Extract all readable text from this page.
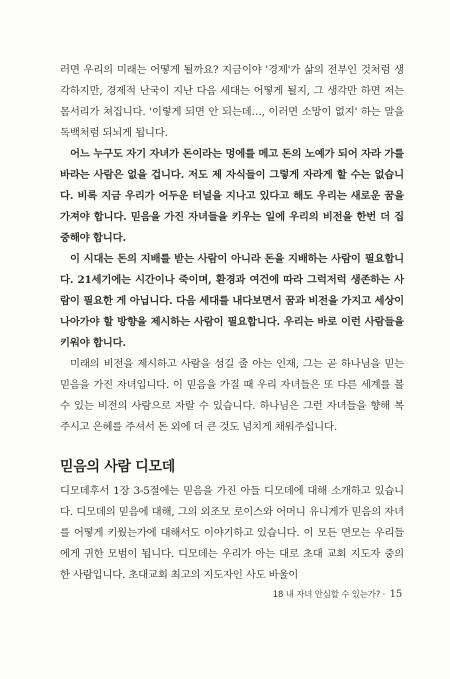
러면 우리의 미래는 어떻게 될까요? 지금이야 '경제'가 삶의 전부인 것처럼 생각하지만, 경제적 난국이 지난 다음 세대는 어떻게 될지, 그 생각만 하면 저는 몸서리가 쳐집니다. '이렇게 되면 안 되는데…, 이러면 소망이 없지' 하는 말을 독백처럼 되뇌게 됩니다.

어느 누구도 자기 자녀가 돈이라는 멍에를 메고 돈의 노예가 되어 자라 가를 바라는 사람은 없을 겁니다. 저도 제 자식들이 그렇게 자라게 할 수는 없습니다. 비록 지금 우리가 어두운 터널을 지나고 있다고 해도 우리는 새로운 꿈을 가져야 합니다. 믿음을 가진 자녀들을 키우는 일에 우리의 비전을 한번 더 집중해야 합니다.

이 시대는 돈의 지배를 받는 사람이 아니라 돈을 지배하는 사람이 필요합니다. 21세기에는 시간이나 죽이며, 환경과 여건에 따라 그럭저럭 생존하는 사람이 필요한 게 아닙니다. 다음 세대를 내다보면서 꿈과 비전을 가지고 세상이 나아가야 할 방향을 제시하는 사람이 필요합니다. 우리는 바로 이런 사람들을 키워야 합니다.

미래의 비전을 제시하고 사람을 섬길 줄 아는 인재, 그는 곧 하나님을 믿는 믿음을 가진 자녀입니다. 이 믿음을 가질 때 우리 자녀들은 또 다른 세계를 볼 수 있는 비전의 사람으로 자랄 수 있습니다. 하나님은 그런 자녀들을 향해 복 주시고 은혜를 주셔서 돈 외에 더 큰 것도 넘치게 채워주십니다.

믿음의 사람 디모데

디모데후서 1장 3-5절에는 믿음을 가진 아들 디모데에 대해 소개하고 있습니다. 디모데의 믿음에 대해, 그의 외조모 로이스와 어머니 유니게가 믿음의 자녀를 어떻게 키웠는가에 대해서도 이야기하고 있습니다. 이 모든 면모는 우리들에게 귀한 모범이 됩니다. 디모데는 우리가 아는 대로 초대 교회 지도자 중의 한 사람입니다. 초대교회 최고의 지도자인 사도 바울이

18 내 자녀 안심할 수 있는가? · 15
